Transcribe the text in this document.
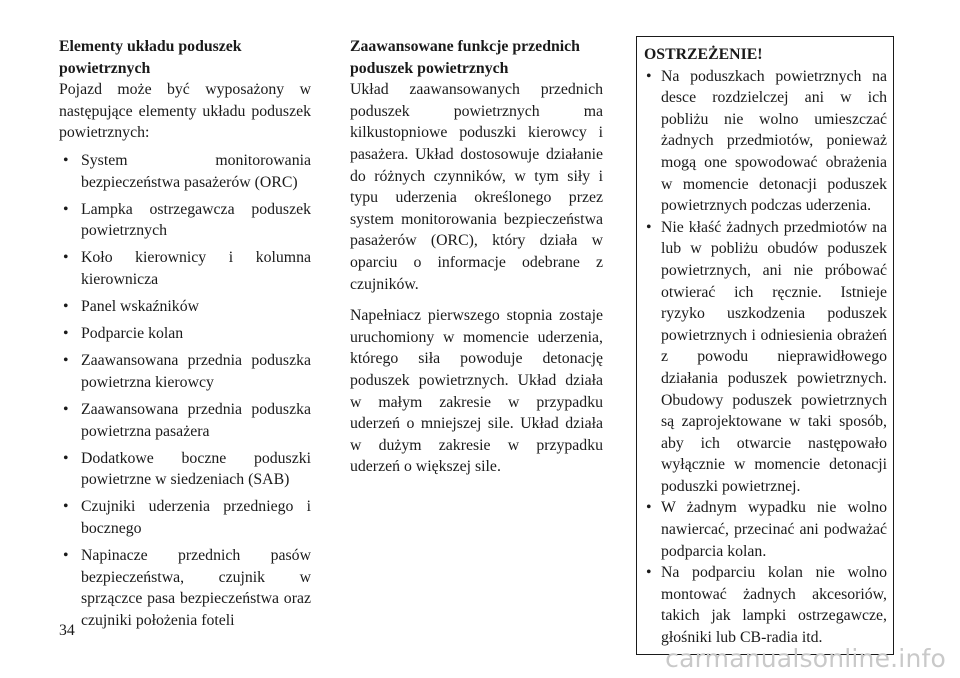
Elementy układu poduszek powietrznych

Pojazd może być wyposażony w następujące elementy układu poduszek powietrznych:

• System monitorowania bezpieczeństwa pasażerów (ORC)
• Lampka ostrzegawcza poduszek powietrznych
• Koło kierownicy i kolumna kierownicza
• Panel wskaźników
• Podparcie kolan
• Zaawansowana przednia poduszka powietrzna kierowcy
• Zaawansowana przednia poduszka powietrzna pasażera
• Dodatkowe boczne poduszki powietrzne w siedzeniach (SAB)
• Czujniki uderzenia przedniego i bocznego
• Napinacze przednich pasów bezpieczeństwa, czujnik w sprzączce pasa bezpieczeństwa oraz czujniki położenia foteli
Zaawansowane funkcje przednich poduszek powietrznych

Układ zaawansowanych przednich poduszek powietrznych ma kilkustopniowe poduszki kierowcy i pasażera. Układ dostosowuje działanie do różnych czynników, w tym siły i typu uderzenia określonego przez system monitorowania bezpieczeństwa pasażerów (ORC), który działa w oparciu o informacje odebrane z czujników.

Napełniacz pierwszego stopnia zostaje uruchomiony w momencie uderzenia, którego siła powoduje detonację poduszek powietrznych. Układ działa w małym zakresie w przypadku uderzeń o mniejszej sile. Układ działa w dużym zakresie w przypadku uderzeń o większej sile.

OSTRZEŻENIE!
• Na poduszkach powietrznych na desce rozdzielczej ani w ich pobliżu nie wolno umieszczać żadnych przedmiotów, ponieważ mogą one spowodować obrażenia w momencie detonacji poduszek powietrznych podczas uderzenia.
• Nie kłaść żadnych przedmiotów na lub w pobliżu obudów poduszek powietrznych, ani nie próbować otwierać ich ręcznie. Istnieje ryzyko uszkodzenia poduszek powietrznych i odniesienia obrażeń z powodu nieprawidłowego działania poduszek powietrznych. Obudowy poduszek powietrznych są zaprojektowane w taki sposób, aby ich otwarcie następowało wyłącznie w momencie detonacji poduszki powietrznej.
• W żadnym wypadku nie wolno nawiercać, przecinać ani podważać podparcia kolan.
• Na podparciu kolan nie wolno montować żadnych akcesoriów, takich jak lampki ostrzegawcze, głośniki lub CB-radia itd.
34
carmanualsonline.info
